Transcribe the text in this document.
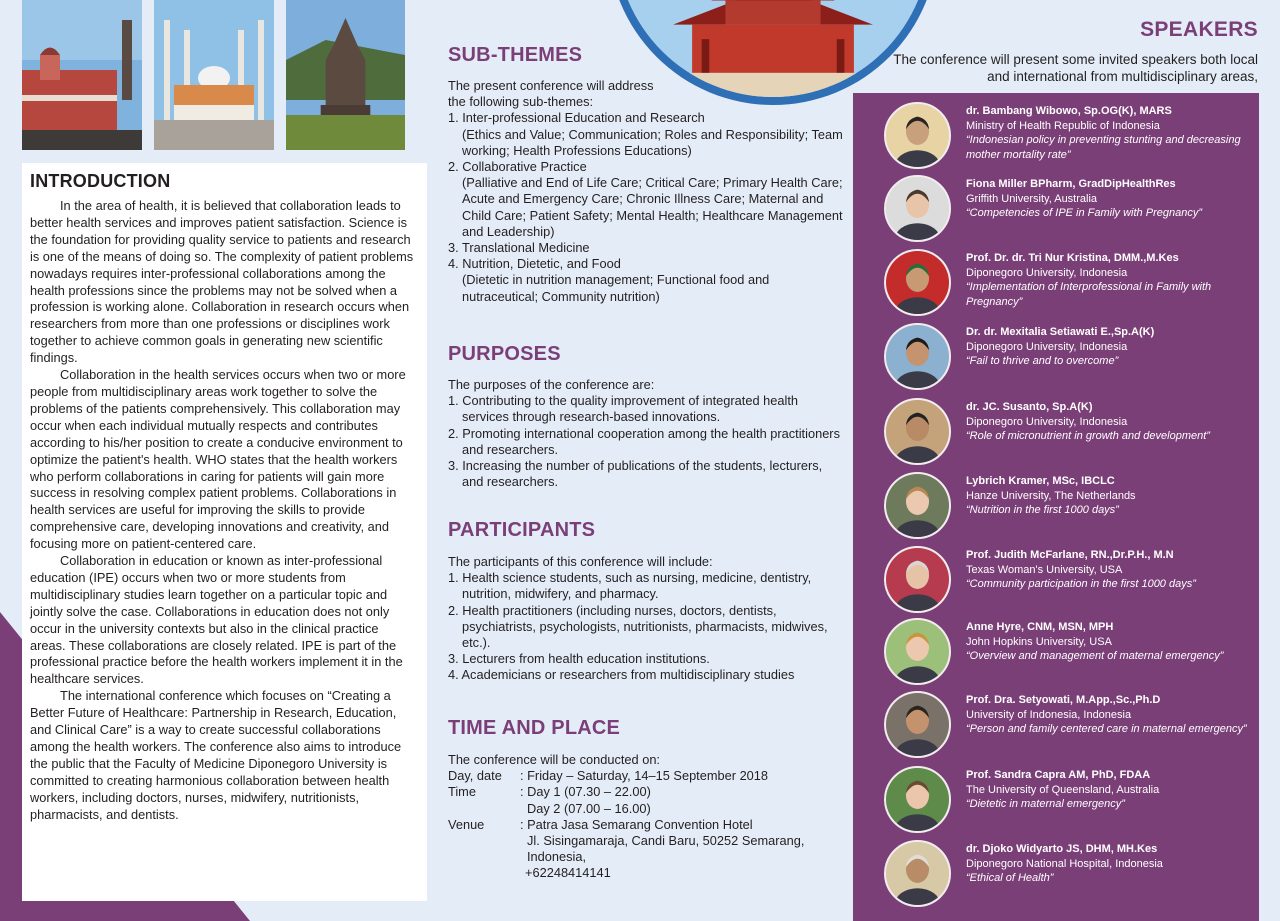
INTRODUCTION

In the area of health, it is believed that collaboration leads to better health services and improves patient satisfaction. Science is the foundation for providing quality service to patients and research is one of the means of doing so. The complexity of patient problems nowadays requires inter-professional collaborations among the health professions since the problems may not be solved when a profession is working alone. Collaboration in research occurs when researchers from more than one professions or disciplines work together to achieve common goals in generating new scientific findings.

Collaboration in the health services occurs when two or more people from multidisciplinary areas work together to solve the problems of the patients comprehensively. This collaboration may occur when each individual mutually respects and contributes according to his/her position to create a conducive environment to optimize the patient's health. WHO states that the health workers who perform collaborations in caring for patients will gain more success in resolving complex patient problems. Collaborations in health services are useful for improving the skills to provide comprehensive care, developing innovations and creativity, and focusing more on patient-centered care.

Collaboration in education or known as inter-professional education (IPE) occurs when two or more students from multidisciplinary studies learn together on a particular topic and jointly solve the case. Collaborations in education does not only occur in the university contexts but also in the clinical practice areas. These collaborations are closely related. IPE is part of the professional practice before the health workers implement it in the healthcare services.

The international conference which focuses on “Creating a Better Future of Healthcare: Partnership in Research, Education, and Clinical Care” is a way to create successful collaborations among the health workers. The conference also aims to introduce the public that the Faculty of Medicine Diponegoro University is committed to creating harmonious collaboration between health workers, including doctors, nurses, midwifery, nutritionists, pharmacists, and dentists.

SUB-THEMES
The present conference will address
the following sub-themes:
1. Inter-professional Education and Research
(Ethics and Value; Communication; Roles and Responsibility; Team working; Health Professions Educations)
2. Collaborative Practice
(Palliative and End of Life Care; Critical Care; Primary Health Care; Acute and Emergency Care; Chronic Illness Care; Maternal and Child Care; Patient Safety; Mental Health; Healthcare Management and Leadership)
3. Translational Medicine
4. Nutrition, Dietetic, and Food
(Dietetic in nutrition management; Functional food and nutraceutical; Community nutrition)
PURPOSES
The purposes of the conference are:
1. Contributing to the quality improvement of integrated health services through research-based innovations.
2. Promoting international cooperation among the health practitioners and researchers.
3. Increasing the number of publications of the students, lecturers, and researchers.
PARTICIPANTS
The participants of this conference will include:
1. Health science students, such as nursing, medicine, dentistry, nutrition, midwifery, and pharmacy.
2. Health practitioners (including nurses, doctors, dentists, psychiatrists, psychologists, nutritionists, pharmacists, midwives, etc.).
3. Lecturers from health education institutions.
4. Academicians or researchers from multidisciplinary studies
TIME AND PLACE
The conference will be conducted on:
Day, date	: Friday – Saturday, 14–15 September 2018
Time	: Day 1 (07.30 – 22.00)
Day 2 (07.00 – 16.00)
Venue	: Patra Jasa Semarang Convention Hotel
Jl. Sisingamaraja, Candi Baru, 50252 Semarang,
Indonesia,
+62248414141
SPEAKERS
The conference will present some invited speakers both local and international from multidisciplinary areas,
dr. Bambang Wibowo, Sp.OG(K), MARS
Ministry of Health Republic of Indonesia
“Indonesian policy in preventing stunting and decreasing mother mortality rate”
Fiona Miller BPharm, GradDipHealthRes
Griffith University, Australia
“Competencies of IPE in Family with Pregnancy”
Prof. Dr. dr. Tri Nur Kristina, DMM.,M.Kes
Diponegoro University, Indonesia
“Implementation of Interprofessional in Family with Pregnancy”
Dr. dr. Mexitalia Setiawati E.,Sp.A(K)
Diponegoro University, Indonesia
“Fail to thrive and to overcome”
dr. JC. Susanto, Sp.A(K)
Diponegoro University, Indonesia
“Role of micronutrient in growth and development”
Lybrich Kramer, MSc, IBCLC
Hanze University, The Netherlands
“Nutrition in the first 1000 days”
Prof. Judith McFarlane, RN.,Dr.P.H., M.N
Texas Woman's University, USA
“Community participation in the first 1000 days”
Anne Hyre, CNM, MSN, MPH
John Hopkins University, USA
“Overview and management of maternal emergency”
Prof. Dra. Setyowati, M.App.,Sc.,Ph.D
University of Indonesia, Indonesia
“Person and family centered care in maternal emergency”
Prof. Sandra Capra AM, PhD, FDAA
The University of Queensland, Australia
“Dietetic in maternal emergency”
dr. Djoko Widyarto JS, DHM, MH.Kes
Diponegoro National Hospital, Indonesia
“Ethical of Health”
